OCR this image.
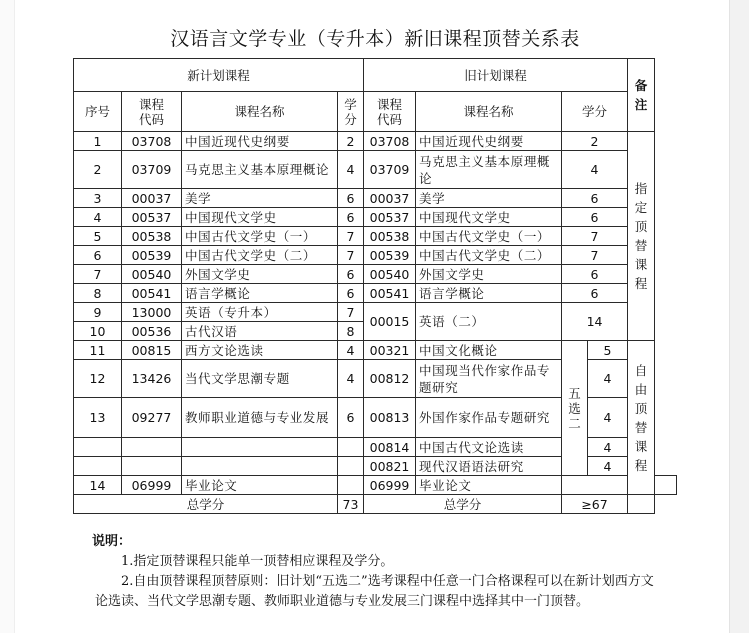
汉语言文学专业（专升本）新旧课程顶替关系表
新计划课程				旧计划课程				备注	
序号	课程代码	课程名称	学分	课程代码	课程名称	学分			
1	03708	中国近现代史纲要	2	03708	中国近现代史纲要	2		指定顶替课程	
2	03709	马克思主义基本原理概论	4	03709	马克思主义基本原理概论	4			
3	00037	美学	6	00037	美学	6			
4	00537	中国现代文学史	6	00537	中国现代文学史	6			
5	00538	中国古代文学史（一）	7	00538	中国古代文学史（一）	7			
6	00539	中国古代文学史（二）	7	00539	中国古代文学史（二）	7			
7	00540	外国文学史	6	00540	外国文学史	6			
8	00541	语言学概论	6	00541	语言学概论	6			
9	13000	英语（专升本）	7	00015	英语（二）	14			
10	00536	古代汉语	8						
11	00815	西方文论选读	4	00321	中国文化概论	五选二	5	自由顶替课程	
12	13426	当代文学思潮专题	4	00812	中国现当代作家作品专题研究		4		
13	09277	教师职业道德与专业发展	6	00813	外国作家作品专题研究		4		
				00814	中国古代文论选读		4		
				00821	现代汉语语法研究		4		
14	06999	毕业论文		06999	毕业论文				
总学分			73	总学分		≥67			

说明：

1.指定顶替课程只能单一顶替相应课程及学分。

2.自由顶替课程顶替原则：旧计划“五选二”选考课程中任意一门合格课程可以在新计划西方文论选读、当代文学思潮专题、教师职业道德与专业发展三门课程中选择其中一门顶替。
